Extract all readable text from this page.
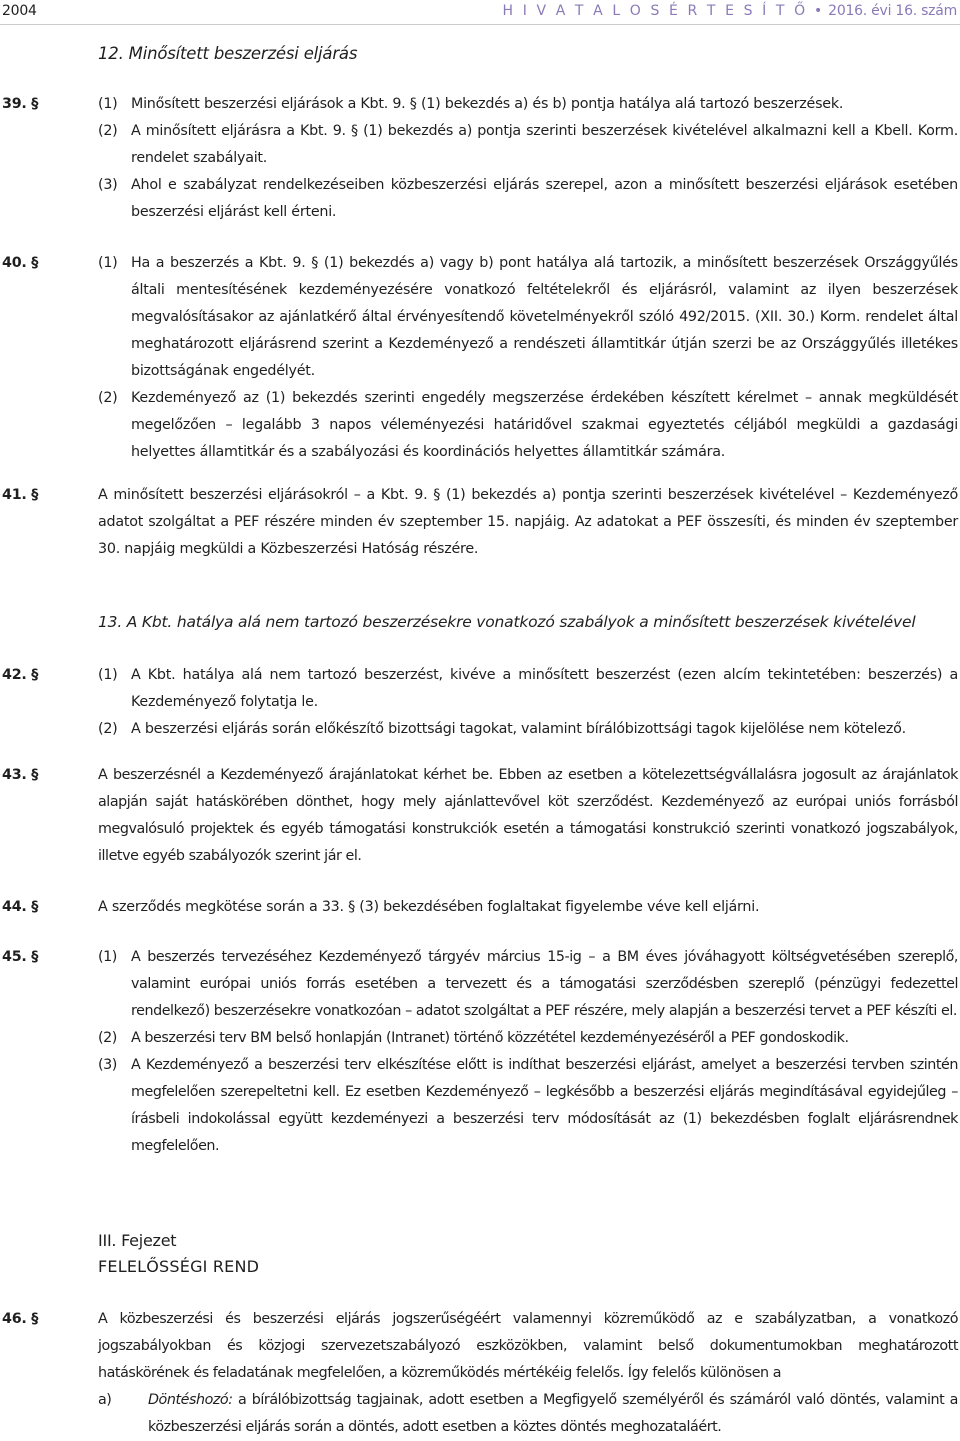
2004	H I V A T A L O S É R T E S Í T Ő • 2016. évi 16. szám
12. Minősített beszerzési eljárás
39. §	(1) Minősített beszerzési eljárások a Kbt. 9. § (1) bekezdés a) és b) pontja hatálya alá tartozó beszerzések.
(2) A minősített eljárásra a Kbt. 9. § (1) bekezdés a) pontja szerinti beszerzések kivételével alkalmazni kell a Kbell. Korm. rendelet szabályait.
(3) Ahol e szabályzat rendelkezéseiben közbeszerzési eljárás szerepel, azon a minősített beszerzési eljárások esetében beszerzési eljárást kell érteni.
40. §	(1) Ha a beszerzés a Kbt. 9. § (1) bekezdés a) vagy b) pont hatálya alá tartozik, a minősített beszerzések Országgyűlés általi mentesítésének kezdeményezésére vonatkozó feltételekről és eljárásról, valamint az ilyen beszerzések megvalósításakor az ajánlatkérő által érvényesítendő követelményekről szóló 492/2015. (XII. 30.) Korm. rendelet által meghatározott eljárásrend szerint a Kezdeményező a rendészeti államtitkár útján szerzi be az Országgyűlés illetékes bizottságának engedélyét.
(2) Kezdeményező az (1) bekezdés szerinti engedély megszerzése érdekében készített kérelmet – annak megküldését megelőzően – legalább 3 napos véleményezési határidővel szakmai egyeztetés céljából megküldi a gazdasági helyettes államtitkár és a szabályozási és koordinációs helyettes államtitkár számára.
41. §	A minősített beszerzési eljárásokról – a Kbt. 9. § (1) bekezdés a) pontja szerinti beszerzések kivételével – Kezdeményező adatot szolgáltat a PEF részére minden év szeptember 15. napjáig. Az adatokat a PEF összesíti, és minden év szeptember 30. napjáig megküldi a Közbeszerzési Hatóság részére.
13. A Kbt. hatálya alá nem tartozó beszerzésekre vonatkozó szabályok a minősített beszerzések kivételével
42. §	(1) A Kbt. hatálya alá nem tartozó beszerzést, kivéve a minősített beszerzést (ezen alcím tekintetében: beszerzés) a Kezdeményező folytatja le.
(2) A beszerzési eljárás során előkészítő bizottsági tagokat, valamint bírálóbizottsági tagok kijelölése nem kötelező.
43. §	A beszerzésnél a Kezdeményező árajánlatokat kérhet be. Ebben az esetben a kötelezettségvállalásra jogosult az árajánlatok alapján saját hatáskörében dönthet, hogy mely ajánlattevővel köt szerződést. Kezdeményező az európai uniós forrásból megvalósuló projektek és egyéb támogatási konstrukciók esetén a támogatási konstrukció szerinti vonatkozó jogszabályok, illetve egyéb szabályozók szerint jár el.
44. §	A szerződés megkötése során a 33. § (3) bekezdésében foglaltakat figyelembe véve kell eljárni.
45. §	(1) A beszerzés tervezéséhez Kezdeményező tárgyév március 15-ig – a BM éves jóváhagyott költségvetésében szereplő, valamint európai uniós forrás esetében a tervezett és a támogatási szerződésben szereplő (pénzügyi fedezettel rendelkező) beszerzésekre vonatkozóan – adatot szolgáltat a PEF részére, mely alapján a beszerzési tervet a PEF készíti el.
(2) A beszerzési terv BM belső honlapján (Intranet) történő közzététel kezdeményezéséről a PEF gondoskodik.
(3) A Kezdeményező a beszerzési terv elkészítése előtt is indíthat beszerzési eljárást, amelyet a beszerzési tervben szintén megfelelően szerepeltetni kell. Ez esetben Kezdeményező – legkésőbb a beszerzési eljárás megindításával egyidejűleg – írásbeli indokolással együtt kezdeményezi a beszerzési terv módosítását az (1) bekezdésben foglalt eljárásrendnek megfelelően.
III. Fejezet
FELELŐSSÉGI REND
46. §	A közbeszerzési és beszerzési eljárás jogszerűségéért valamennyi közreműködő az e szabályzatban, a vonatkozó jogszabályokban és közjogi szervezetszabályozó eszközökben, valamint belső dokumentumokban meghatározott hatáskörének és feladatának megfelelően, a közreműködés mértékéig felelős. Így felelős különösen a
a)	Döntéshozó: a bírálóbizottság tagjainak, adott esetben a Megfigyelő személyéről és számáról való döntés, valamint a közbeszerzési eljárás során a döntés, adott esetben a köztes döntés meghozataláért.
